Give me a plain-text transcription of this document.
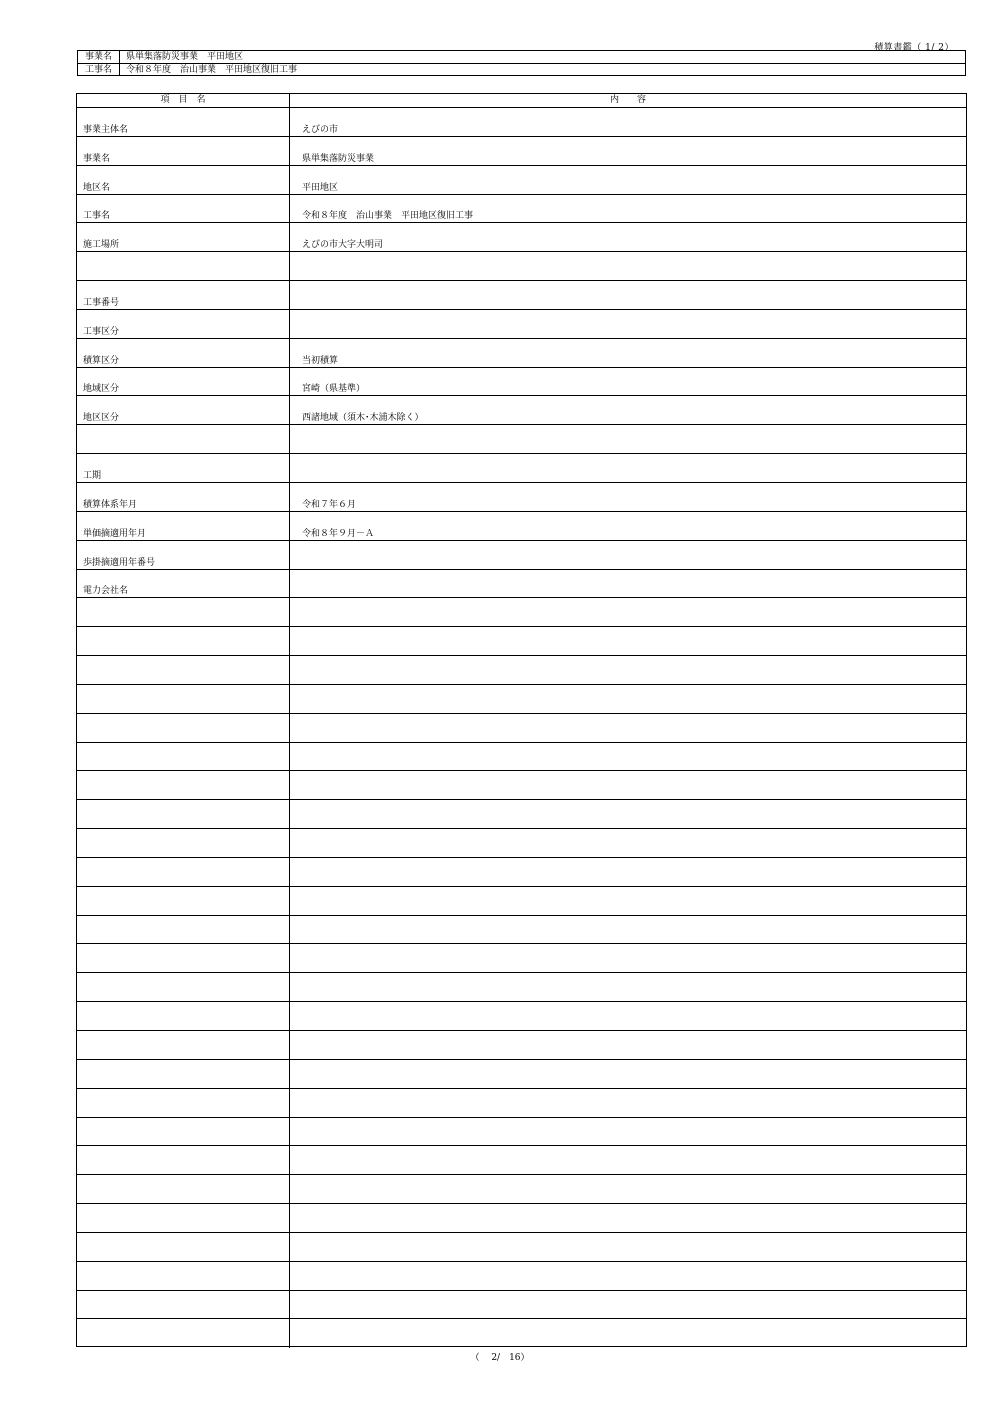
積算書鑑（ 1/ 2）
事業名	県単集落防災事業　平田地区
工事名	令和８年度　治山事業　平田地区復旧工事
項　目　名	内　　容
事業主体名	えびの市
事業名	県単集落防災事業
地区名	平田地区
工事名	令和８年度　治山事業　平田地区復旧工事
施工場所	えびの市大字大明司
工事番号
工事区分
積算区分	当初積算
地域区分	宮崎（県基準）
地区区分	西諸地域（須木･木浦木除く）
工期
積算体系年月	令和７年６月
単価摘適用年月	令和８年９月－Ａ
歩掛摘適用年番号
電力会社名
（　 2/　16）
